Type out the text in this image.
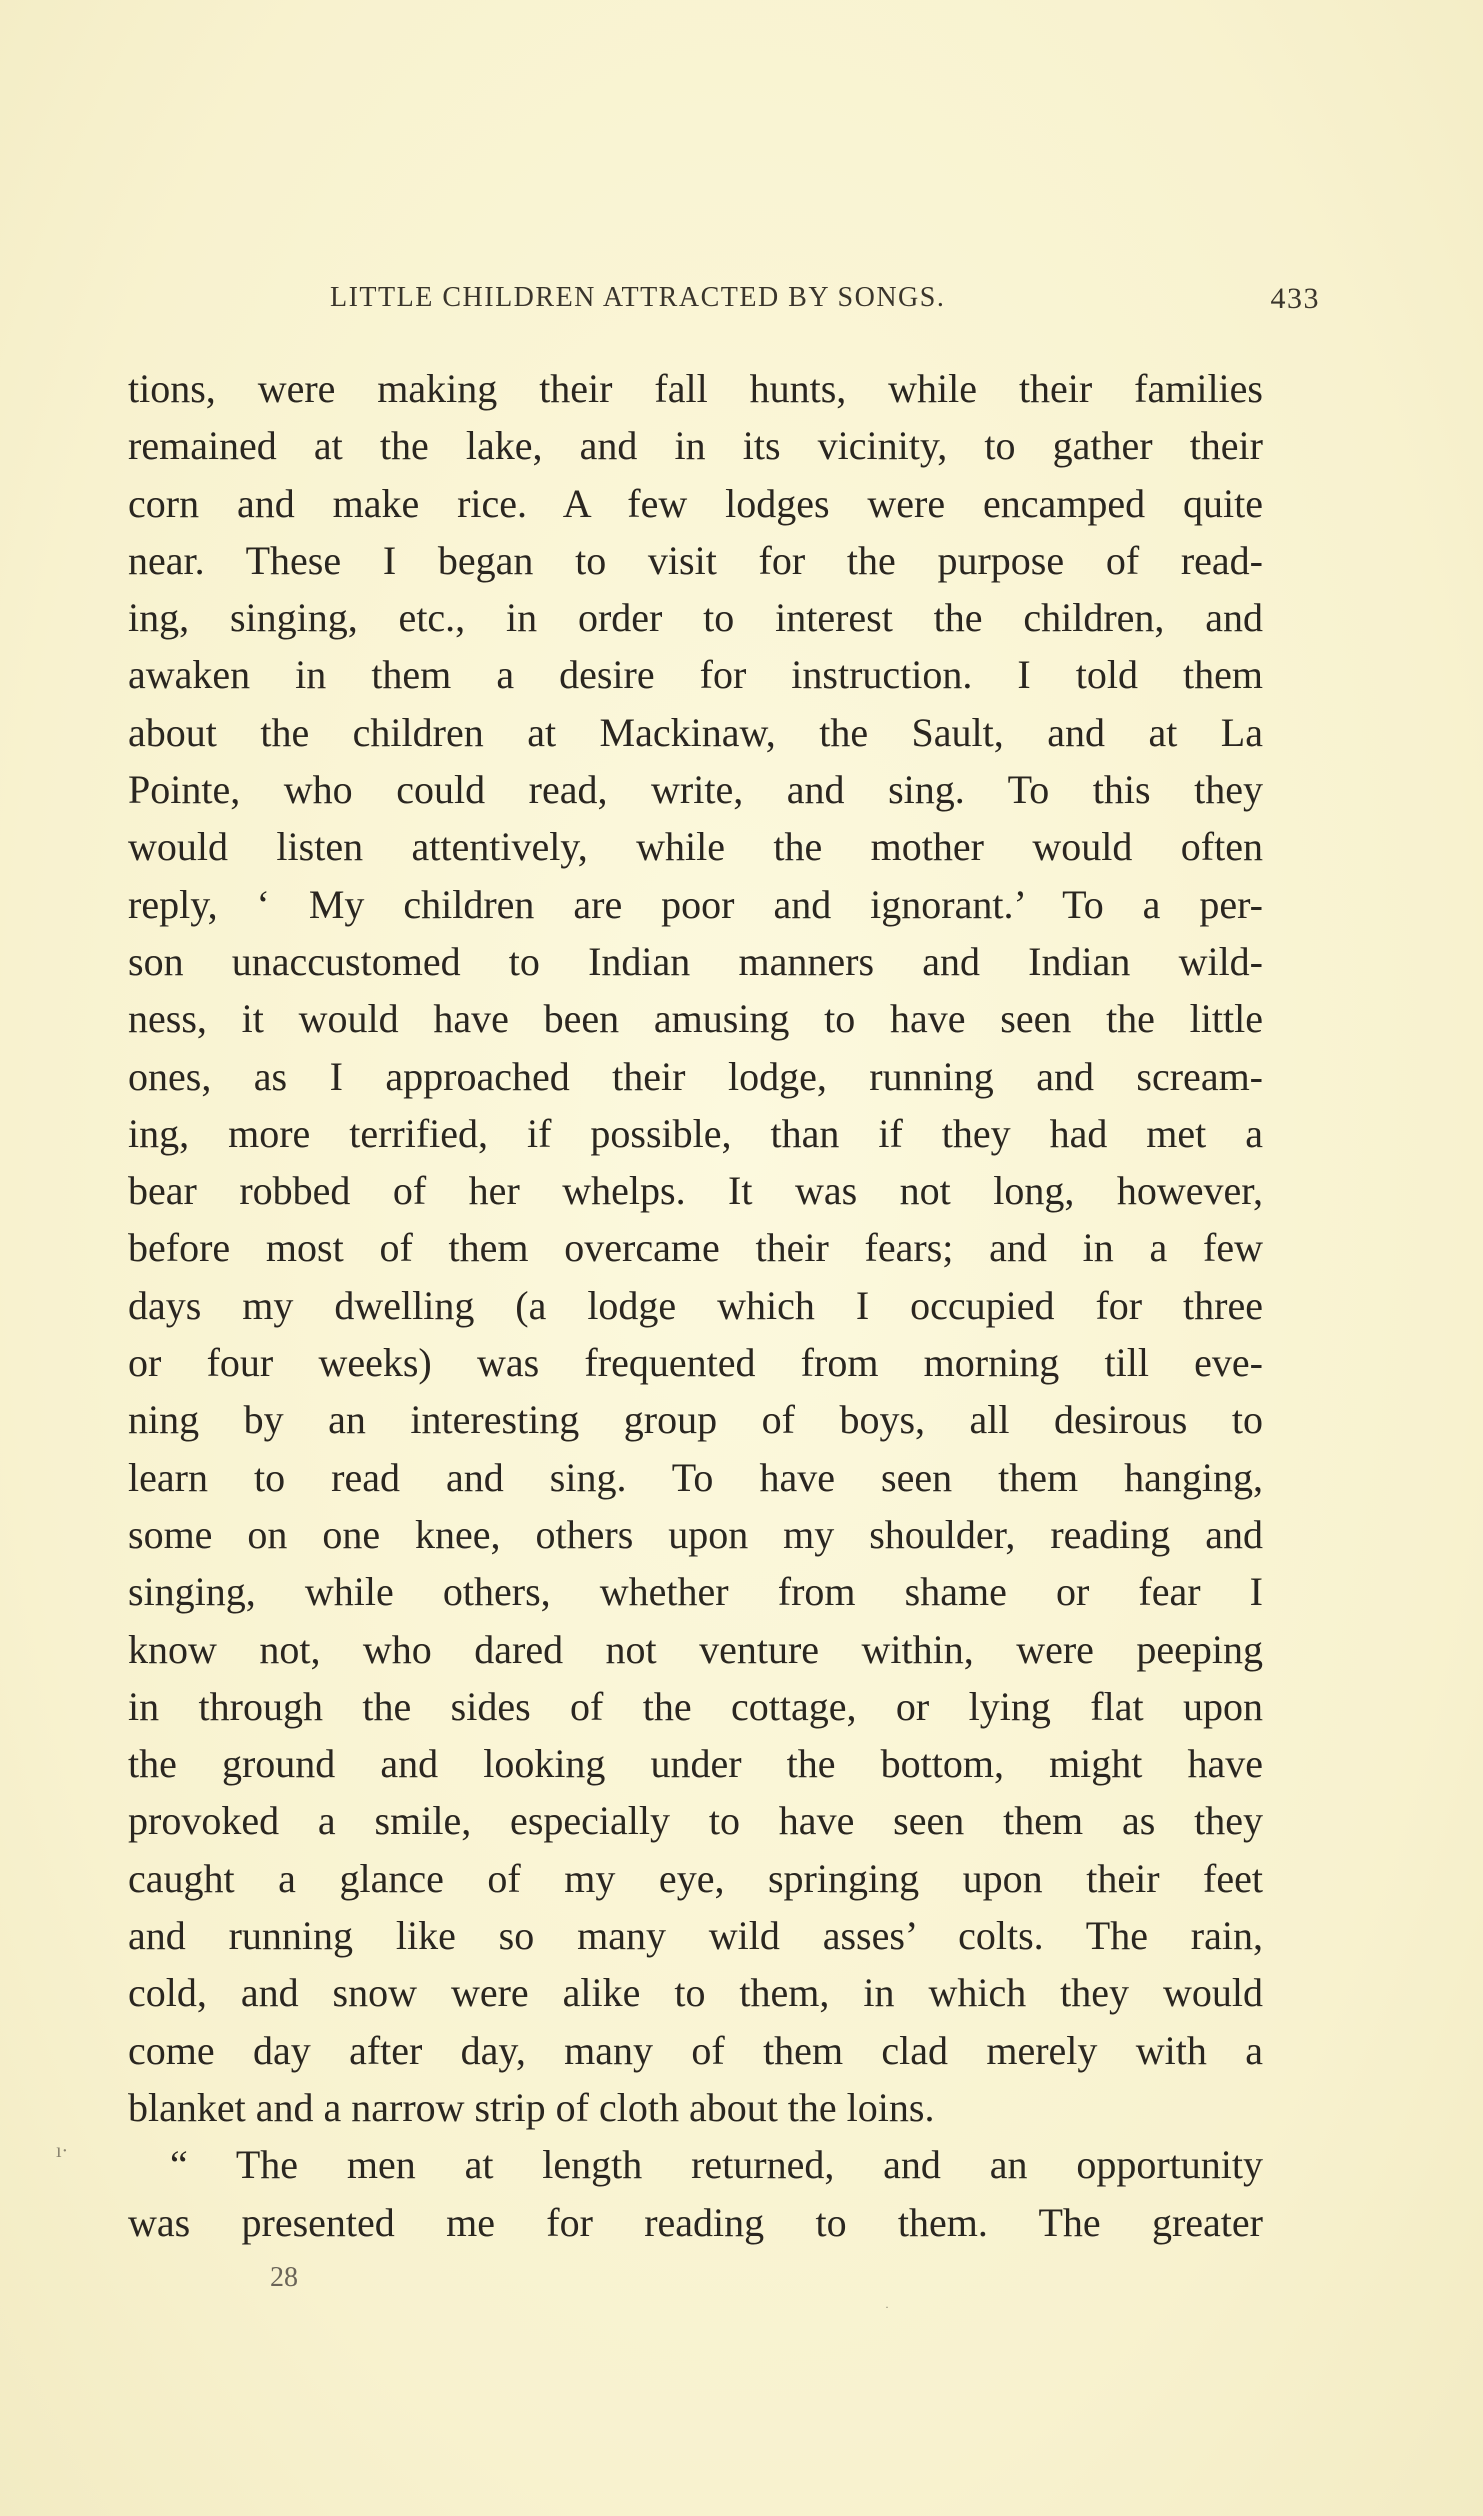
LITTLE CHILDREN ATTRACTED BY SONGS.	433
tions, were making their fall hunts, while their families
remained at the lake, and in its vicinity, to gather their
corn and make rice. A few lodges were encamped quite
near. These I began to visit for the purpose of read-
ing, singing, etc., in order to interest the children, and
awaken in them a desire for instruction. I told them
about the children at Mackinaw, the Sault, and at La
Pointe, who could read, write, and sing. To this they
would listen attentively, while the mother would often
reply, ‘ My children are poor and ignorant.’ To a per-
son unaccustomed to Indian manners and Indian wild-
ness, it would have been amusing to have seen the little
ones, as I approached their lodge, running and scream-
ing, more terrified, if possible, than if they had met a
bear robbed of her whelps. It was not long, however,
before most of them overcame their fears; and in a few
days my dwelling (a lodge which I occupied for three
or four weeks) was frequented from morning till eve-
ning by an interesting group of boys, all desirous to
learn to read and sing. To have seen them hanging,
some on one knee, others upon my shoulder, reading and
singing, while others, whether from shame or fear I
know not, who dared not venture within, were peeping
in through the sides of the cottage, or lying flat upon
the ground and looking under the bottom, might have
provoked a smile, especially to have seen them as they
caught a glance of my eye, springing upon their feet
and running like so many wild asses’ colts. The rain,
cold, and snow were alike to them, in which they would
come day after day, many of them clad merely with a
blanket and a narrow strip of cloth about the loins.
“ The men at length returned, and an opportunity
was presented me for reading to them. The greater
ı·
28
·
